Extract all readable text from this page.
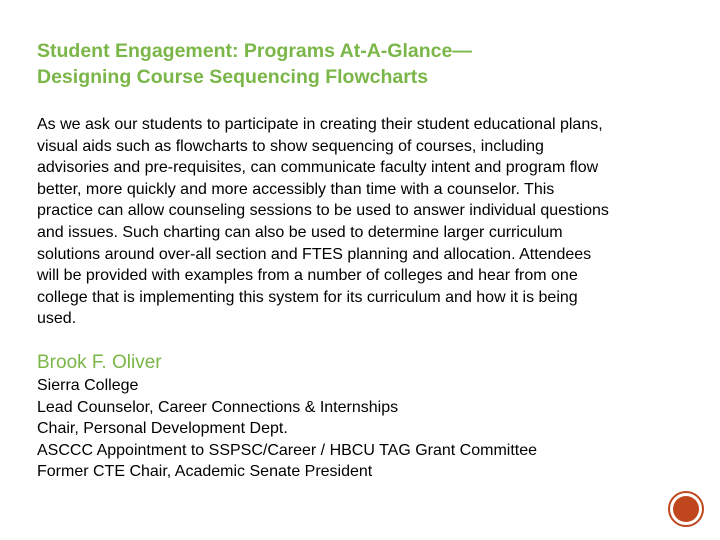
Student Engagement: Programs At-A-Glance—
Designing Course Sequencing Flowcharts
As we ask our students to participate in creating their student educational plans,
visual aids such as flowcharts to show sequencing of courses, including
advisories and pre-requisites, can communicate faculty intent and program flow
better, more quickly and more accessibly than time with a counselor. This
practice can allow counseling sessions to be used to answer individual questions
and issues. Such charting can also be used to determine larger curriculum
solutions around over-all section and FTES planning and allocation. Attendees
will be provided with examples from a number of colleges and hear from one
college that is implementing this system for its curriculum and how it is being
used.
Brook F. Oliver
Sierra College
Lead Counselor, Career Connections & Internships
Chair, Personal Development Dept.
ASCCC Appointment to SSPSC/Career / HBCU TAG Grant Committee
Former CTE Chair, Academic Senate President
